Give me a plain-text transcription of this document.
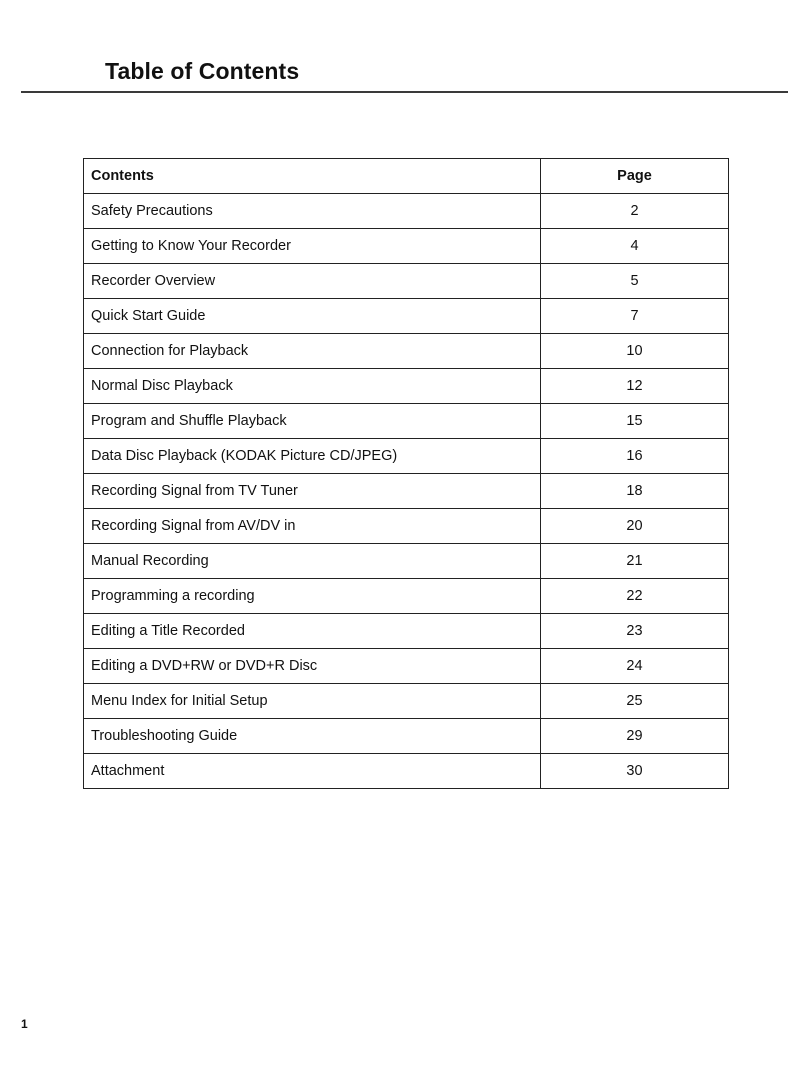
Table of Contents
Contents	Page
Safety Precautions	2
Getting to Know Your Recorder	4
Recorder Overview	5
Quick Start Guide	7
Connection for Playback	10
Normal Disc Playback	12
Program and Shuffle Playback	15
Data Disc Playback (KODAK Picture CD/JPEG)	16
Recording Signal from TV Tuner	18
Recording Signal from AV/DV in	20
Manual Recording	21
Programming a recording	22
Editing a Title Recorded	23
Editing a DVD+RW or DVD+R Disc	24
Menu Index for Initial Setup	25
Troubleshooting Guide	29
Attachment	30
1
